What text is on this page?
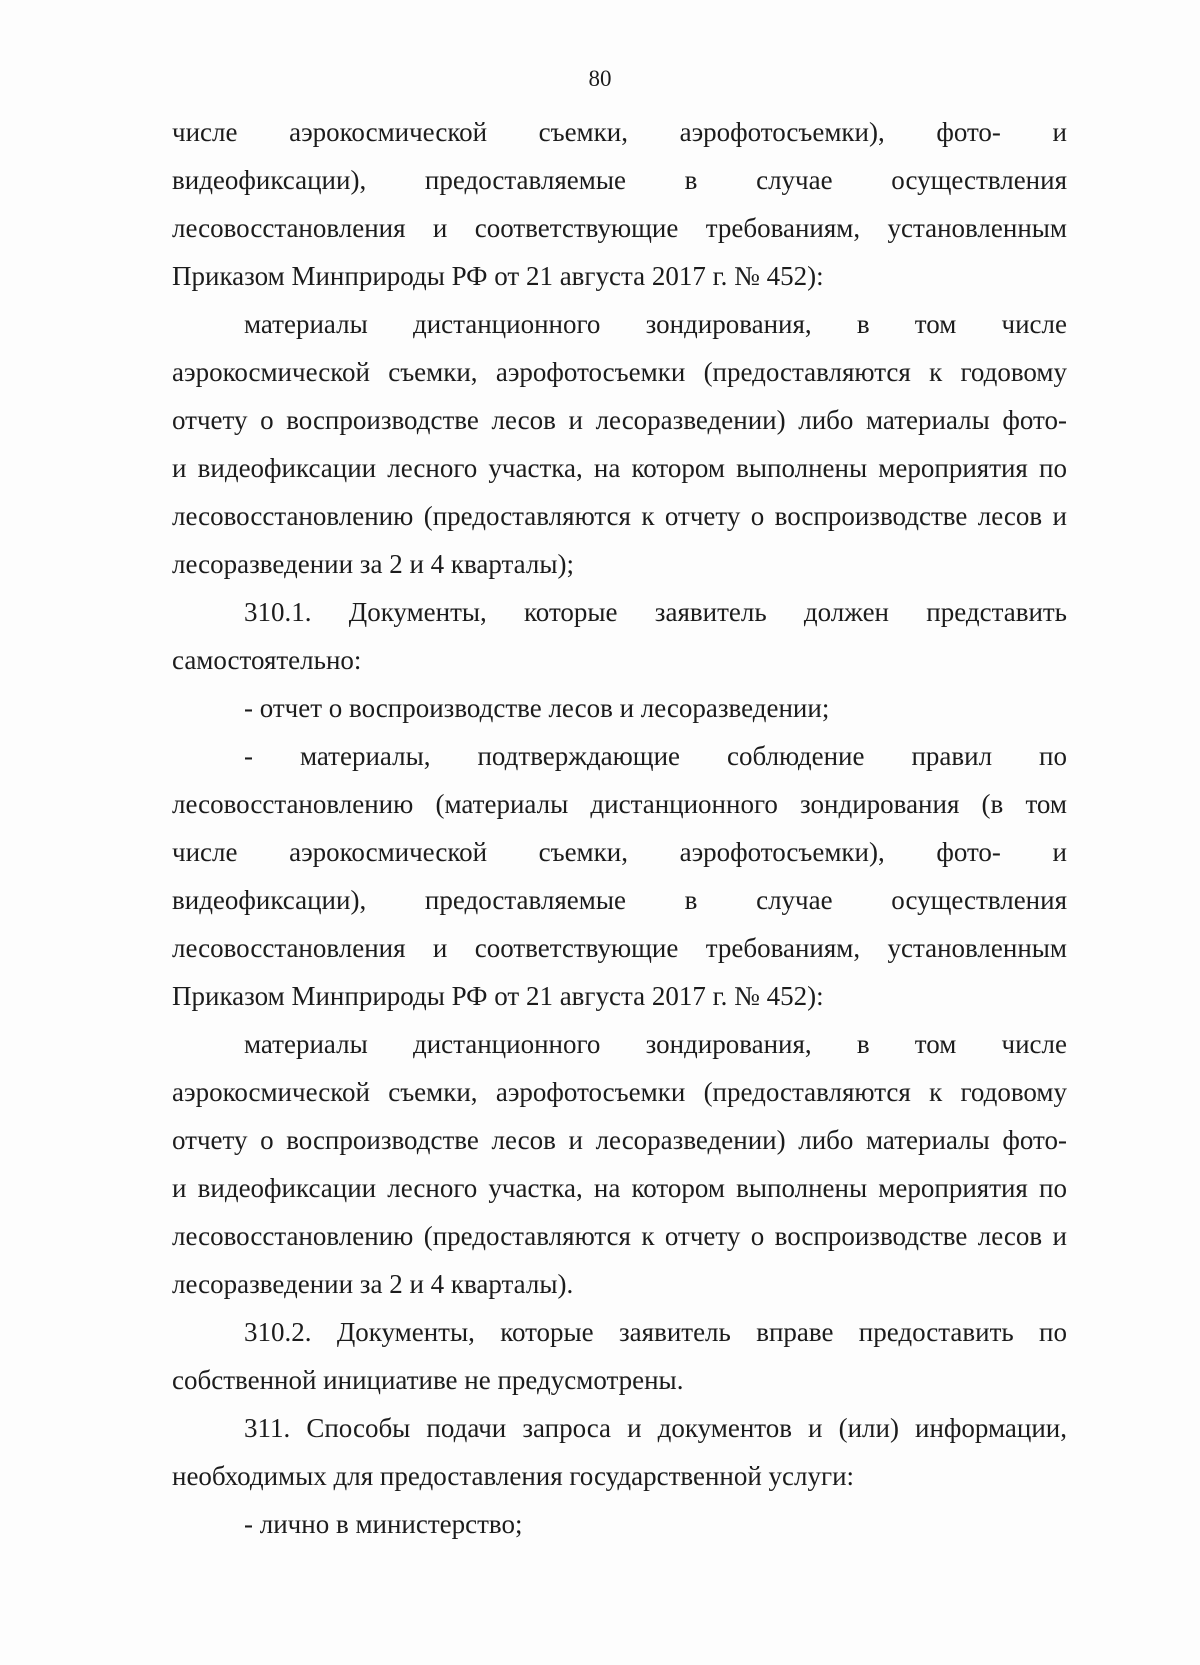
80

числе аэрокосмической съемки, аэрофотосъемки), фото- и
видеофиксации), предоставляемые в случае осуществления
лесовосстановления и соответствующие требованиям, установленным
Приказом Минприроды РФ от 21 августа 2017 г. № 452):

материалы дистанционного зондирования, в том числе
аэрокосмической съемки, аэрофотосъемки (предоставляются к годовому
отчету о воспроизводстве лесов и лесоразведении) либо материалы фото-
и видеофиксации лесного участка, на котором выполнены мероприятия по
лесовосстановлению (предоставляются к отчету о воспроизводстве лесов и
лесоразведении за 2 и 4 кварталы);

310.1. Документы, которые заявитель должен представить
самостоятельно:

- отчет о воспроизводстве лесов и лесоразведении;

- материалы, подтверждающие соблюдение правил по
лесовосстановлению (материалы дистанционного зондирования (в том
числе аэрокосмической съемки, аэрофотосъемки), фото- и
видеофиксации), предоставляемые в случае осуществления
лесовосстановления и соответствующие требованиям, установленным
Приказом Минприроды РФ от 21 августа 2017 г. № 452):

материалы дистанционного зондирования, в том числе
аэрокосмической съемки, аэрофотосъемки (предоставляются к годовому
отчету о воспроизводстве лесов и лесоразведении) либо материалы фото-
и видеофиксации лесного участка, на котором выполнены мероприятия по
лесовосстановлению (предоставляются к отчету о воспроизводстве лесов и
лесоразведении за 2 и 4 кварталы).

310.2. Документы, которые заявитель вправе предоставить по
собственной инициативе не предусмотрены.

311. Способы подачи запроса и документов и (или) информации,
необходимых для предоставления государственной услуги:

- лично в министерство;
